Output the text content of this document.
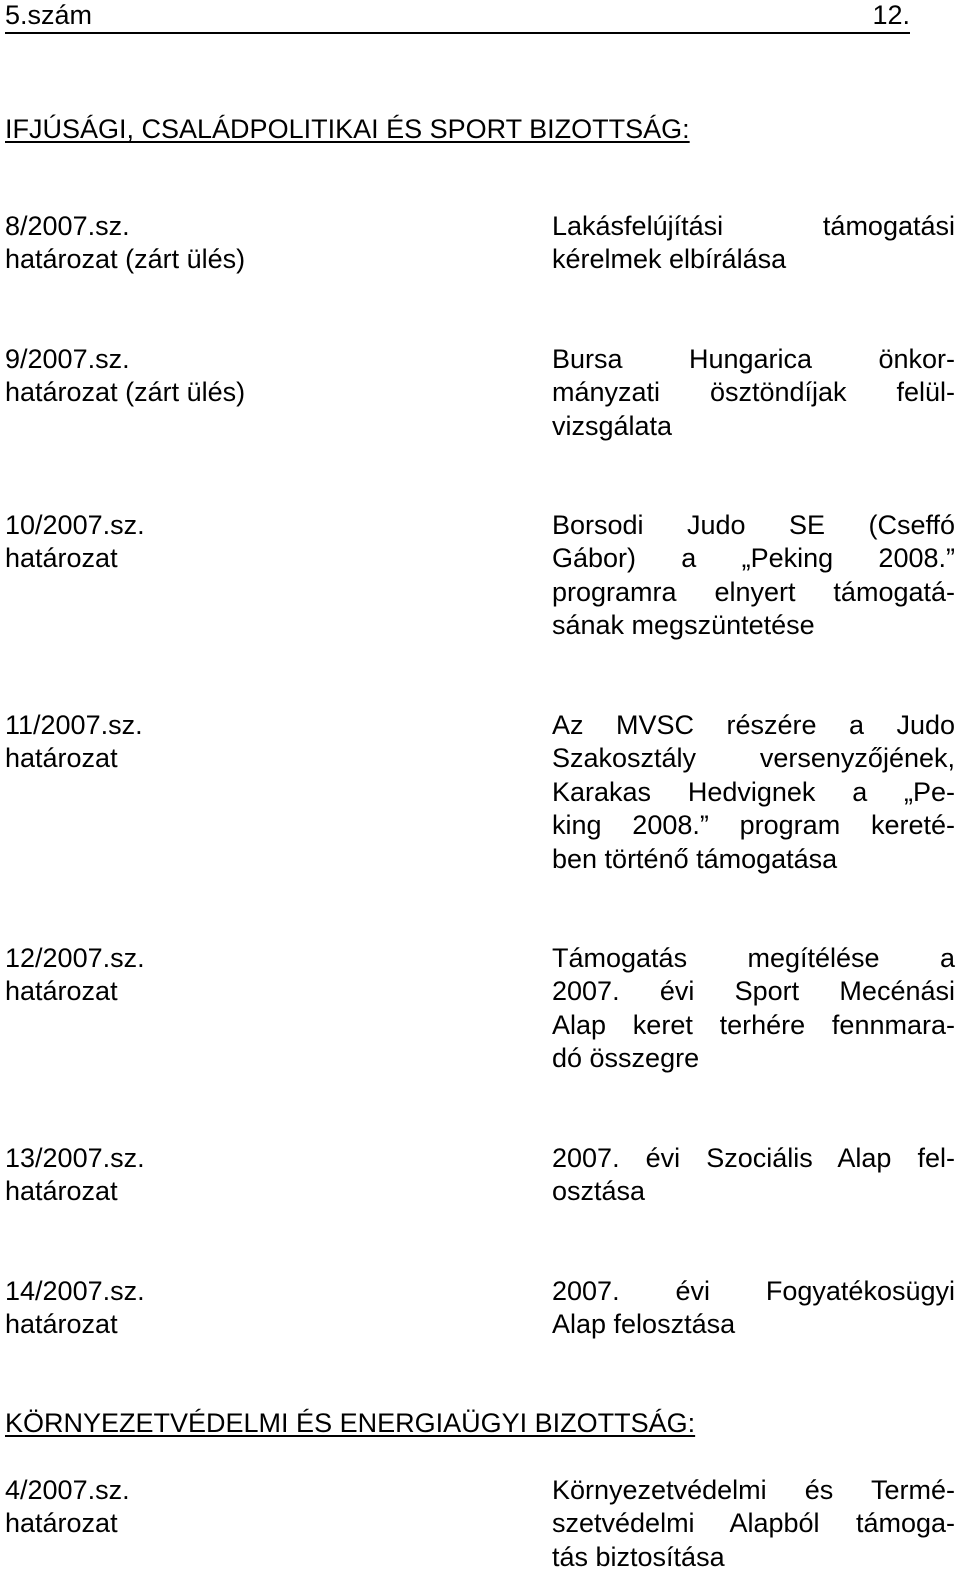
5.szám	12.
IFJÚSÁGI, CSALÁDPOLITIKAI ÉS SPORT BIZOTTSÁG:
8/2007.sz.
határozat (zárt ülés)
Lakásfelújítási támogatási
kérelmek elbírálása
9/2007.sz.
határozat (zárt ülés)
Bursa Hungarica önkor-
mányzati ösztöndíjak felül-
vizsgálata
10/2007.sz.
határozat
Borsodi Judo SE (Cseffó
Gábor) a „Peking 2008.”
programra elnyert támogatá-
sának megszüntetése
11/2007.sz.
határozat
Az MVSC részére a Judo
Szakosztály versenyzőjének,
Karakas Hedvignek a „Pe-
king 2008.” program kereté-
ben történő támogatása
12/2007.sz.
határozat
Támogatás megítélése a
2007. évi Sport Mecénási
Alap keret terhére fennmara-
dó összegre
13/2007.sz.
határozat
2007. évi Szociális Alap fel-
osztása
14/2007.sz.
határozat
2007. évi Fogyatékosügyi
Alap felosztása
KÖRNYEZETVÉDELMI ÉS ENERGIAÜGYI BIZOTTSÁG:
4/2007.sz.
határozat
Környezetvédelmi és Termé-
szetvédelmi Alapból támoga-
tás biztosítása
